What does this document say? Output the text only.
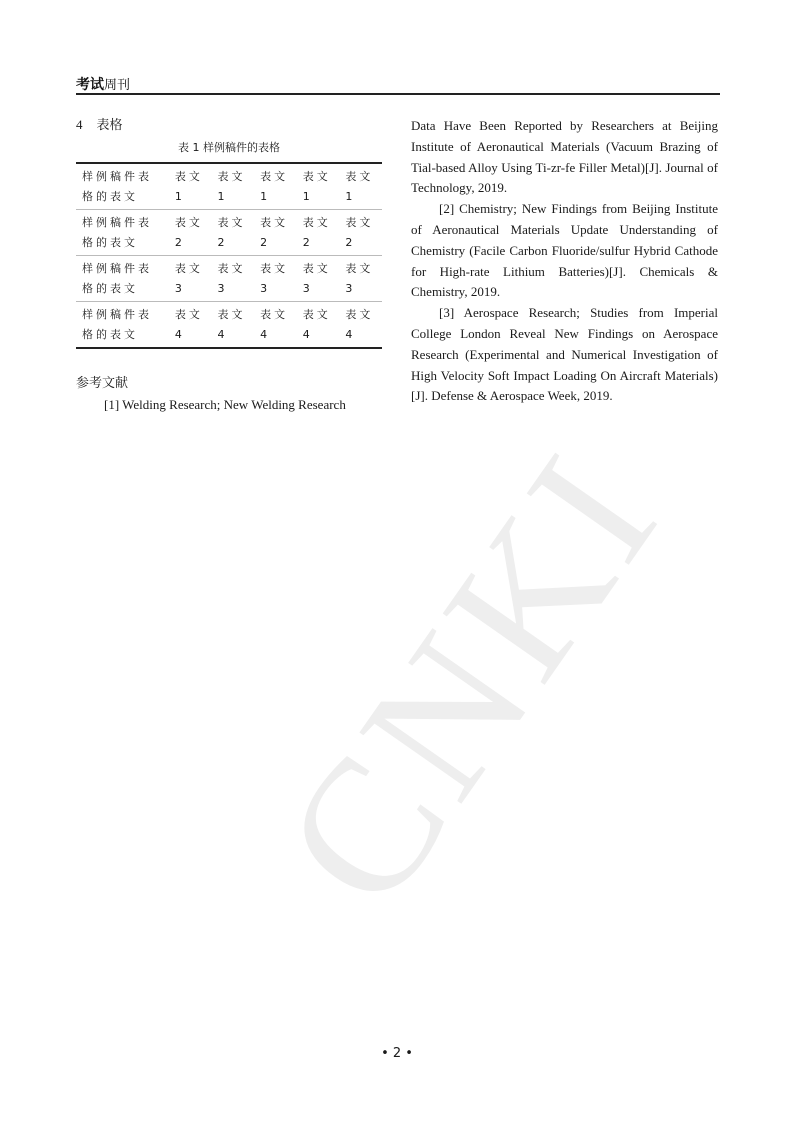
考试周刊
CNKI
4 表格
表 1 样例稿件的表格
样例稿件表格的表文	表文1	表文1	表文1	表文1	表文1
样例稿件表格的表文	表文2	表文2	表文2	表文2	表文2
样例稿件表格的表文	表文3	表文3	表文3	表文3	表文3
样例稿件表格的表文	表文4	表文4	表文4	表文4	表文4
参考文献

[1] Welding Research; New Welding Research

Data Have Been Reported by Researchers at Beijing Institute of Aeronautical Materials (Vacuum Brazing of Tial-based Alloy Using Ti-zr-fe Filler Metal)[J]. Journal of Technology, 2019.

[2] Chemistry; New Findings from Beijing Institute of Aeronautical Materials Update Understanding of Chemistry (Facile Carbon Fluoride/sulfur Hybrid Cathode for High-rate Lithium Batteries)[J]. Chemicals & Chemistry, 2019.

[3] Aerospace Research; Studies from Imperial College London Reveal New Findings on Aerospace Research (Experimental and Numerical Investigation of High Velocity Soft Impact Loading On Aircraft Materials)[J]. Defense & Aerospace Week, 2019.

• 2 •
